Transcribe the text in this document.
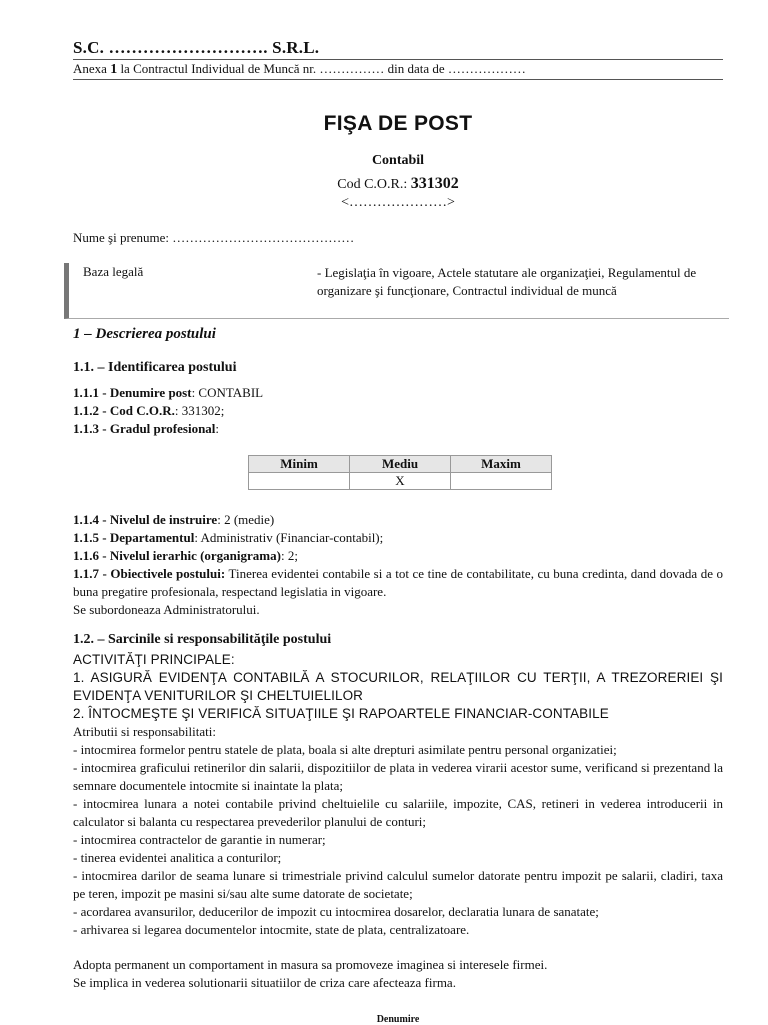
S.C. ………………………. S.R.L.
Anexa 1 la Contractul Individual de Muncă nr. …………… din data de ………………
FIŞA DE POST
Contabil
Cod C.O.R.: 331302
<…………………>
Nume şi prenume: ……………………………………
Baza legală	- Legislaţia în vigoare, Actele statutare ale organizaţiei, Regulamentul de organizare şi funcţionare, Contractul individual de muncă
1 – Descrierea postului
1.1. – Identificarea postului
1.1.1 - Denumire post: CONTABIL
1.1.2 - Cod C.O.R.: 331302;
1.1.3 - Gradul profesional:
Minim	Mediu	Maxim
	X	
1.1.4 - Nivelul de instruire: 2 (medie)
1.1.5 - Departamentul: Administrativ (Financiar-contabil);
1.1.6 - Nivelul ierarhic (organigrama): 2;
1.1.7 - Obiectivele postului: Tinerea evidentei contabile si a tot ce tine de contabilitate, cu buna credinta, dand dovada de o buna pregatire profesionala, respectand legislatia in vigoare.
Se subordoneaza Administratorului.
1.2. – Sarcinile si responsabilităţile postului
ACTIVITĂŢI PRINCIPALE:
1. ASIGURĂ EVIDENŢA CONTABILĂ A STOCURILOR, RELAŢIILOR CU TERŢII, A TREZORERIEI ŞI EVIDENŢA VENITURILOR ŞI CHELTUIELILOR
2. ÎNTOCMEŞTE ŞI VERIFICĂ SITUAŢIILE ŞI RAPOARTELE FINANCIAR-CONTABILE
Atributii si responsabilitati:
- intocmirea formelor pentru statele de plata, boala si alte drepturi asimilate pentru personal organizatiei;
- intocmirea graficului retinerilor din salarii, dispozitiilor de plata in vederea virarii acestor sume, verificand si prezentand la semnare documentele intocmite si inaintate la plata;
- intocmirea lunara a notei contabile privind cheltuielile cu salariile, impozite, CAS, retineri in vederea introducerii in calculator si balanta cu respectarea prevederilor planului de conturi;
- intocmirea contractelor de garantie in numerar;
- tinerea evidentei analitica a conturilor;
- intocmirea darilor de seama lunare si trimestriale privind calculul sumelor datorate pentru impozit pe salarii, cladiri, taxa pe teren, impozit pe masini si/sau alte sume datorate de societate;
- acordarea avansurilor, deducerilor de impozit cu intocmirea dosarelor, declaratia lunara de sanatate;
- arhivarea si legarea documentelor intocmite, state de plata, centralizatoare.
Adopta permanent un comportament in masura sa promoveze imaginea si interesele firmei.
Se implica in vederea solutionarii situatiilor de criza care afecteaza firma.
Denumire
